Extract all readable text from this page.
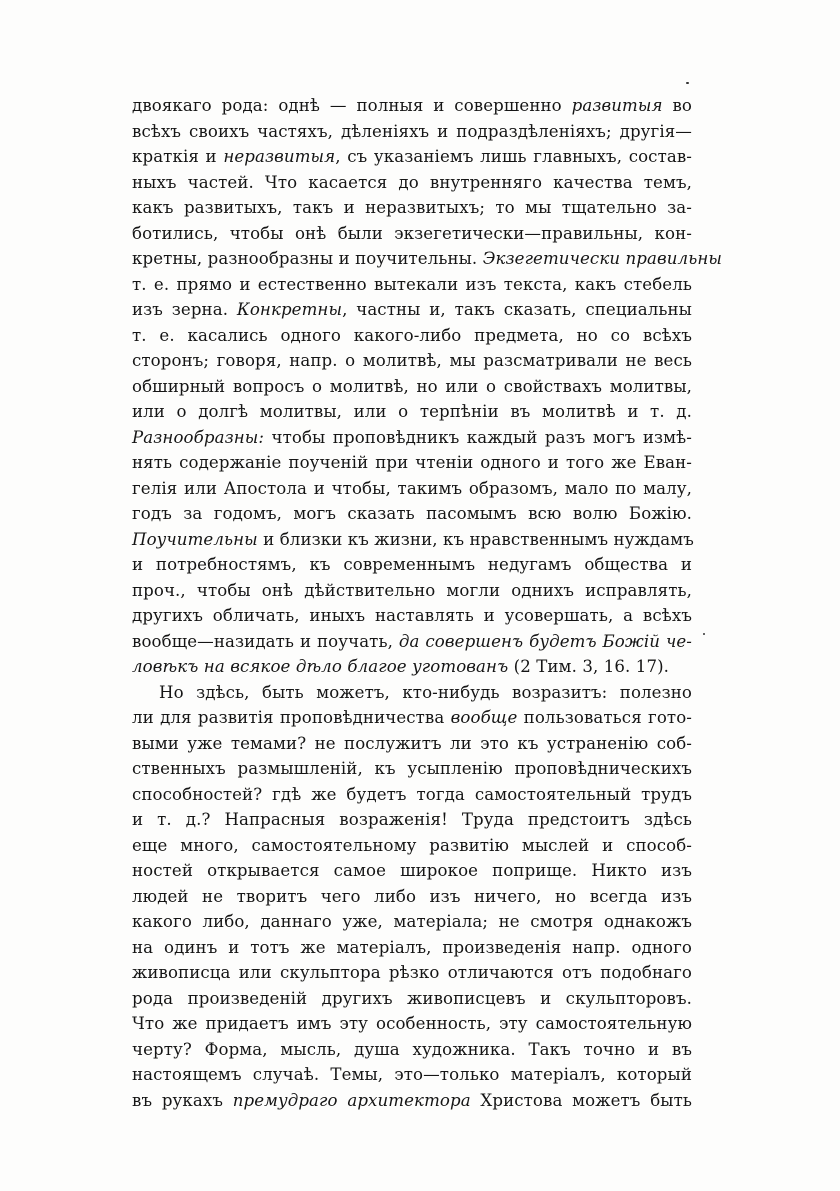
двоякаго рода: однѣ — полныя и совершенно развитыя во
всѣхъ своихъ частяхъ, дѣленіяхъ и подраздѣленіяхъ; другія—
краткія и неразвитыя, съ указаніемъ лишь главныхъ, состав-
ныхъ частей. Что касается до внутренняго качества темъ,
какъ развитыхъ, такъ и неразвитыхъ; то мы тщательно за-
ботились, чтобы онѣ были экзегетически—правильны, кон-
кретны, разнообразны и поучительны. Экзегетически правильны
т. е. прямо и естественно вытекали изъ текста, какъ стебель
изъ зерна. Конкретны, частны и, такъ сказать, специальны
т. е. касались одного какого-либо предмета, но со всѣхъ
сторонъ; говоря, напр. о молитвѣ, мы разсматривали не весь
обширный вопросъ о молитвѣ, но или о свойствахъ молитвы,
или о долгѣ молитвы, или о терпѣніи въ молитвѣ и т. д.
Разнообразны: чтобы проповѣдникъ каждый разъ могъ измѣ-
нять содержаніе поученій при чтеніи одного и того же Еван-
гелія или Апостола и чтобы, такимъ образомъ, мало по малу,
годъ за годомъ, могъ сказать пасомымъ всю волю Божію.
Поучительны и близки къ жизни, къ нравственнымъ нуждамъ
и потребностямъ, къ современнымъ недугамъ общества и
проч., чтобы онѣ дѣйствительно могли однихъ исправлять,
другихъ обличать, иныхъ наставлять и усовершать, а всѣхъ
вообще—назидать и поучать, да совершенъ будетъ Божій че-
ловѣкъ на всякое дѣло благое уготованъ (2 Тим. 3, 16. 17).
Но здѣсь, быть можетъ, кто-нибудь возразитъ: полезно
ли для развитія проповѣдничества вообще пользоваться гото-
выми уже темами? не послужитъ ли это къ устраненію соб-
ственныхъ размышленій, къ усыпленію проповѣдническихъ
способностей? гдѣ же будетъ тогда самостоятельный трудъ
и т. д.? Напрасныя возраженія! Труда предстоитъ здѣсь
еще много, самостоятельному развитію мыслей и способ-
ностей открывается самое широкое поприще. Никто изъ
людей не творитъ чего либо изъ ничего, но всегда изъ
какого либо, даннаго уже, матеріала; не смотря однакожъ
на одинъ и тотъ же матеріалъ, произведенія напр. одного
живописца или скульптора рѣзко отличаются отъ подобнаго
рода произведеній другихъ живописцевъ и скульпторовъ.
Что же придаетъ имъ эту особенность, эту самостоятельную
черту? Форма, мысль, душа художника. Такъ точно и въ
настоящемъ случаѣ. Темы, это—только матеріалъ, который
въ рукахъ премудраго архитектора Христова можетъ быть
